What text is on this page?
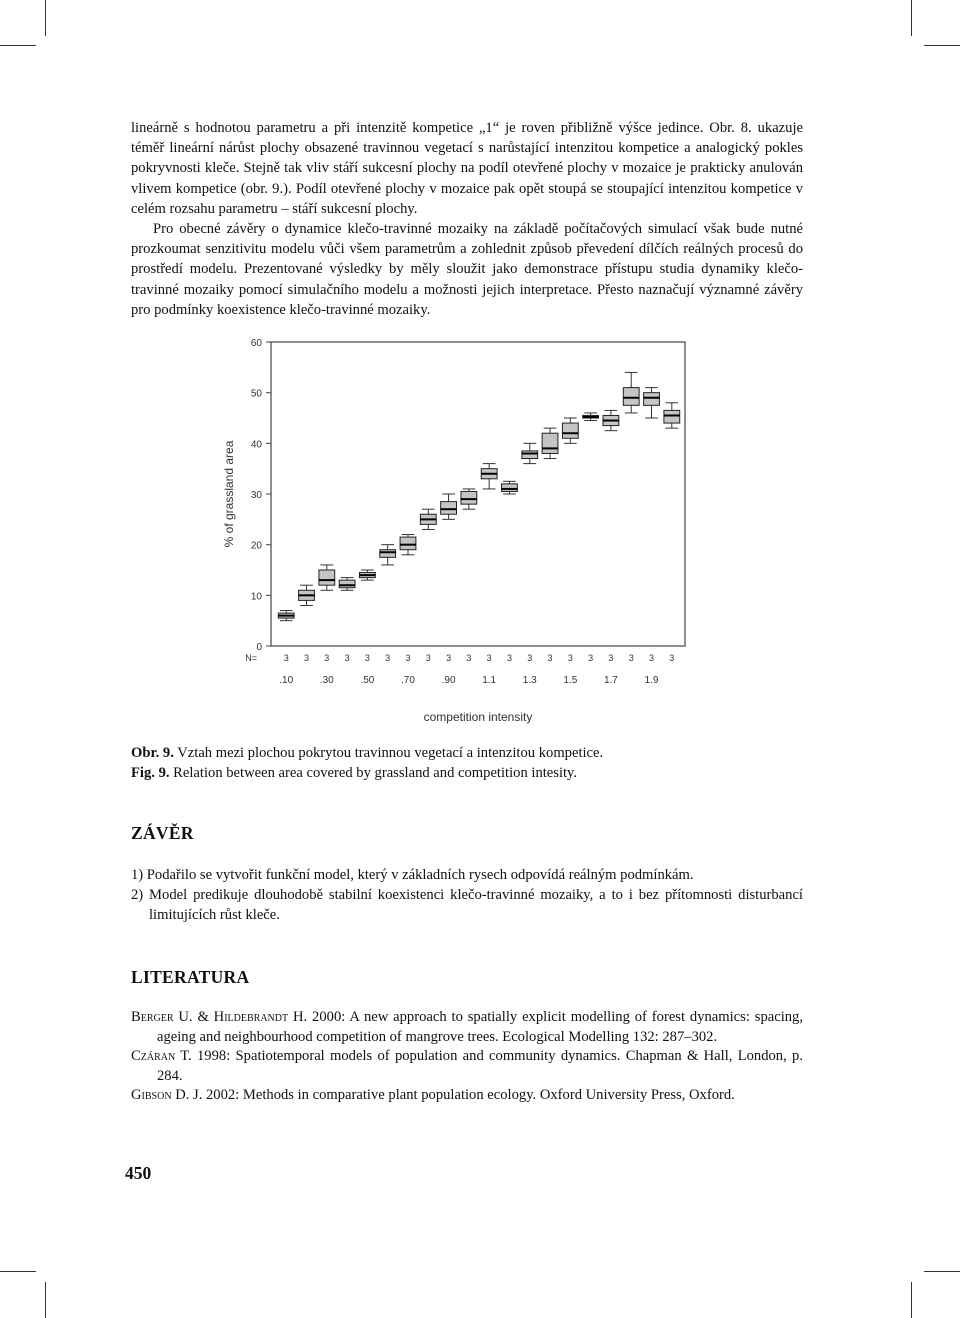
lineárně s hodnotou parametru a při intenzitě kompetice „1“ je roven přibližně výšce jedince. Obr. 8. ukazuje téměř lineární nárůst plochy obsazené travinnou vegetací s narůstající intenzitou kompetice a analogický pokles pokryvnosti kleče. Stejně tak vliv stáří sukcesní plochy na podíl otevřené plochy v mozaice je prakticky anulován vlivem kompetice (obr. 9.). Podíl otevřené plochy v mozaice pak opět stoupá se stoupající intenzitou kompetice v celém rozsahu parametru – stáří sukcesní plochy.

Pro obecné závěry o dynamice klečo-travinné mozaiky na základě počítačových simulací však bude nutné prozkoumat senzitivitu modelu vůči všem parametrům a zohlednit způsob převedení dílčích reálných procesů do prostředí modelu. Prezentované výsledky by měly sloužit jako demonstrace přístupu studia dynamiky klečo-travinné mozaiky pomocí simulačního modelu a možnosti jejich interpretace. Přesto naznačují významné závěry pro podmínky koexistence klečo-travinné mozaiky.

0
10
20
30
40
50
60
% of grassland area
3 3 3 3 3 3 3 3 3 3 3 3 3 3 3 3 3 3 3 3
N=
.10	.30	.50	.70	.90	1.1	1.3	1.5	1.7	1.9
competition intensity
Obr. 9. Vztah mezi plochou pokrytou travinnou vegetací a intenzitou kompetice.
Fig. 9. Relation between area covered by grassland and competition intesity.
ZÁVĚR

1) Podařilo se vytvořit funkční model, který v základních rysech odpovídá reálným podmínkám.

2) Model predikuje dlouhodobě stabilní koexistenci klečo-travinné mozaiky, a to i bez přítomnosti disturbancí limitujících růst kleče.

LITERATURA

Berger U. & Hildebrandt H. 2000: A new approach to spatially explicit modelling of forest dynamics: spacing, ageing and neighbourhood competition of mangrove trees. Ecological Modelling 132: 287–302.

Czáran T. 1998: Spatiotemporal models of population and community dynamics. Chapman & Hall, London, p. 284.

Gibson D. J. 2002: Methods in comparative plant population ecology. Oxford University Press, Oxford.

450
